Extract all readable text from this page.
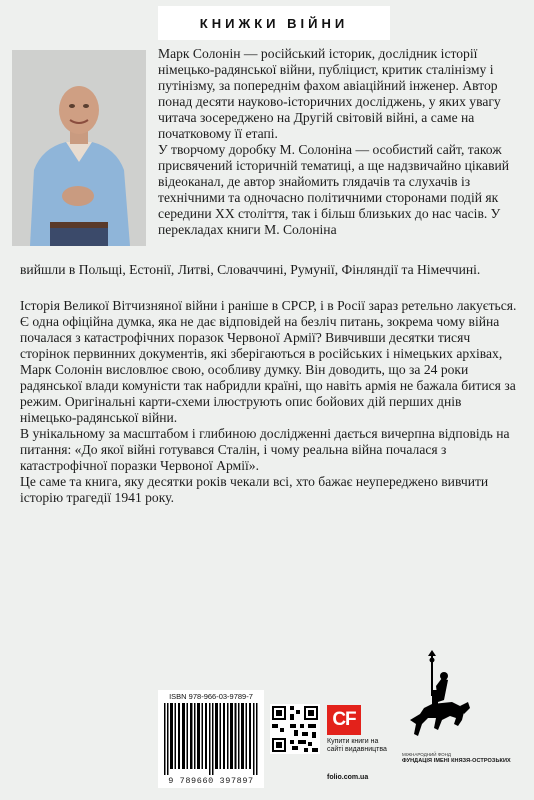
КНИЖКИ ВІЙНИ

Марк Солонін — російський історик, дослідник історії німецько-радянської війни, публіцист, критик сталінізму і путінізму, за попереднім фахом авіаційний інженер. Автор понад десяти науково-історичних досліджень, у яких увагу читача зосереджено на Другій світовій війні, а саме на початковому її етапі.

У творчому доробку М. Солоніна — особистий сайт, також присвячений історичній тематиці, а ще надзвичайно цікавий відеоканал, де автор знайомить глядачів та слухачів із технічними та одночасно політичними сторонами подій як середини XX століття, так і більш близьких до нас часів. У перекладах книги М. Солоніна

вийшли в Польщі, Естонії, Литві, Словаччині, Румунії, Фінляндії та Німеччині.

Історія Великої Вітчизняної війни і раніше в СРСР, і в Росії зараз ретельно лакується. Є одна офіційна думка, яка не дає відповідей на безліч питань, зокрема чому війна почалася з катастрофічних поразок Червоної Армії? Вивчивши десятки тисяч сторінок первинних документів, які зберігаються в російських і німецьких архівах, Марк Солонін висловлює свою, особливу думку. Він доводить, що за 24 роки радянської влади комуністи так набридли країні, що навіть армія не бажала битися за режим. Оригінальні карти-схеми ілюструють опис бойових дій перших днів німецько-радянської війни.

В унікальному за масштабом і глибиною дослідженні дається вичерпна відповідь на питання: «До якої війні готувався Сталін, і чому реальна війна почалася з катастрофічної поразки Червоної Армії».

Це саме та книга, яку десятки років чекали всі, хто бажає неупереджено вивчити історію трагедії 1941 року.

ISBN 978-966-03-9789-7
9 789660 397897
CF
Купити книги на сайті видавництва
folio.com.ua
МІЖНАРОДНИЙ ФОНД
ФУНДАЦІЯ ІМЕНІ КНЯЗЯ-ОСТРОЗЬКИХ
